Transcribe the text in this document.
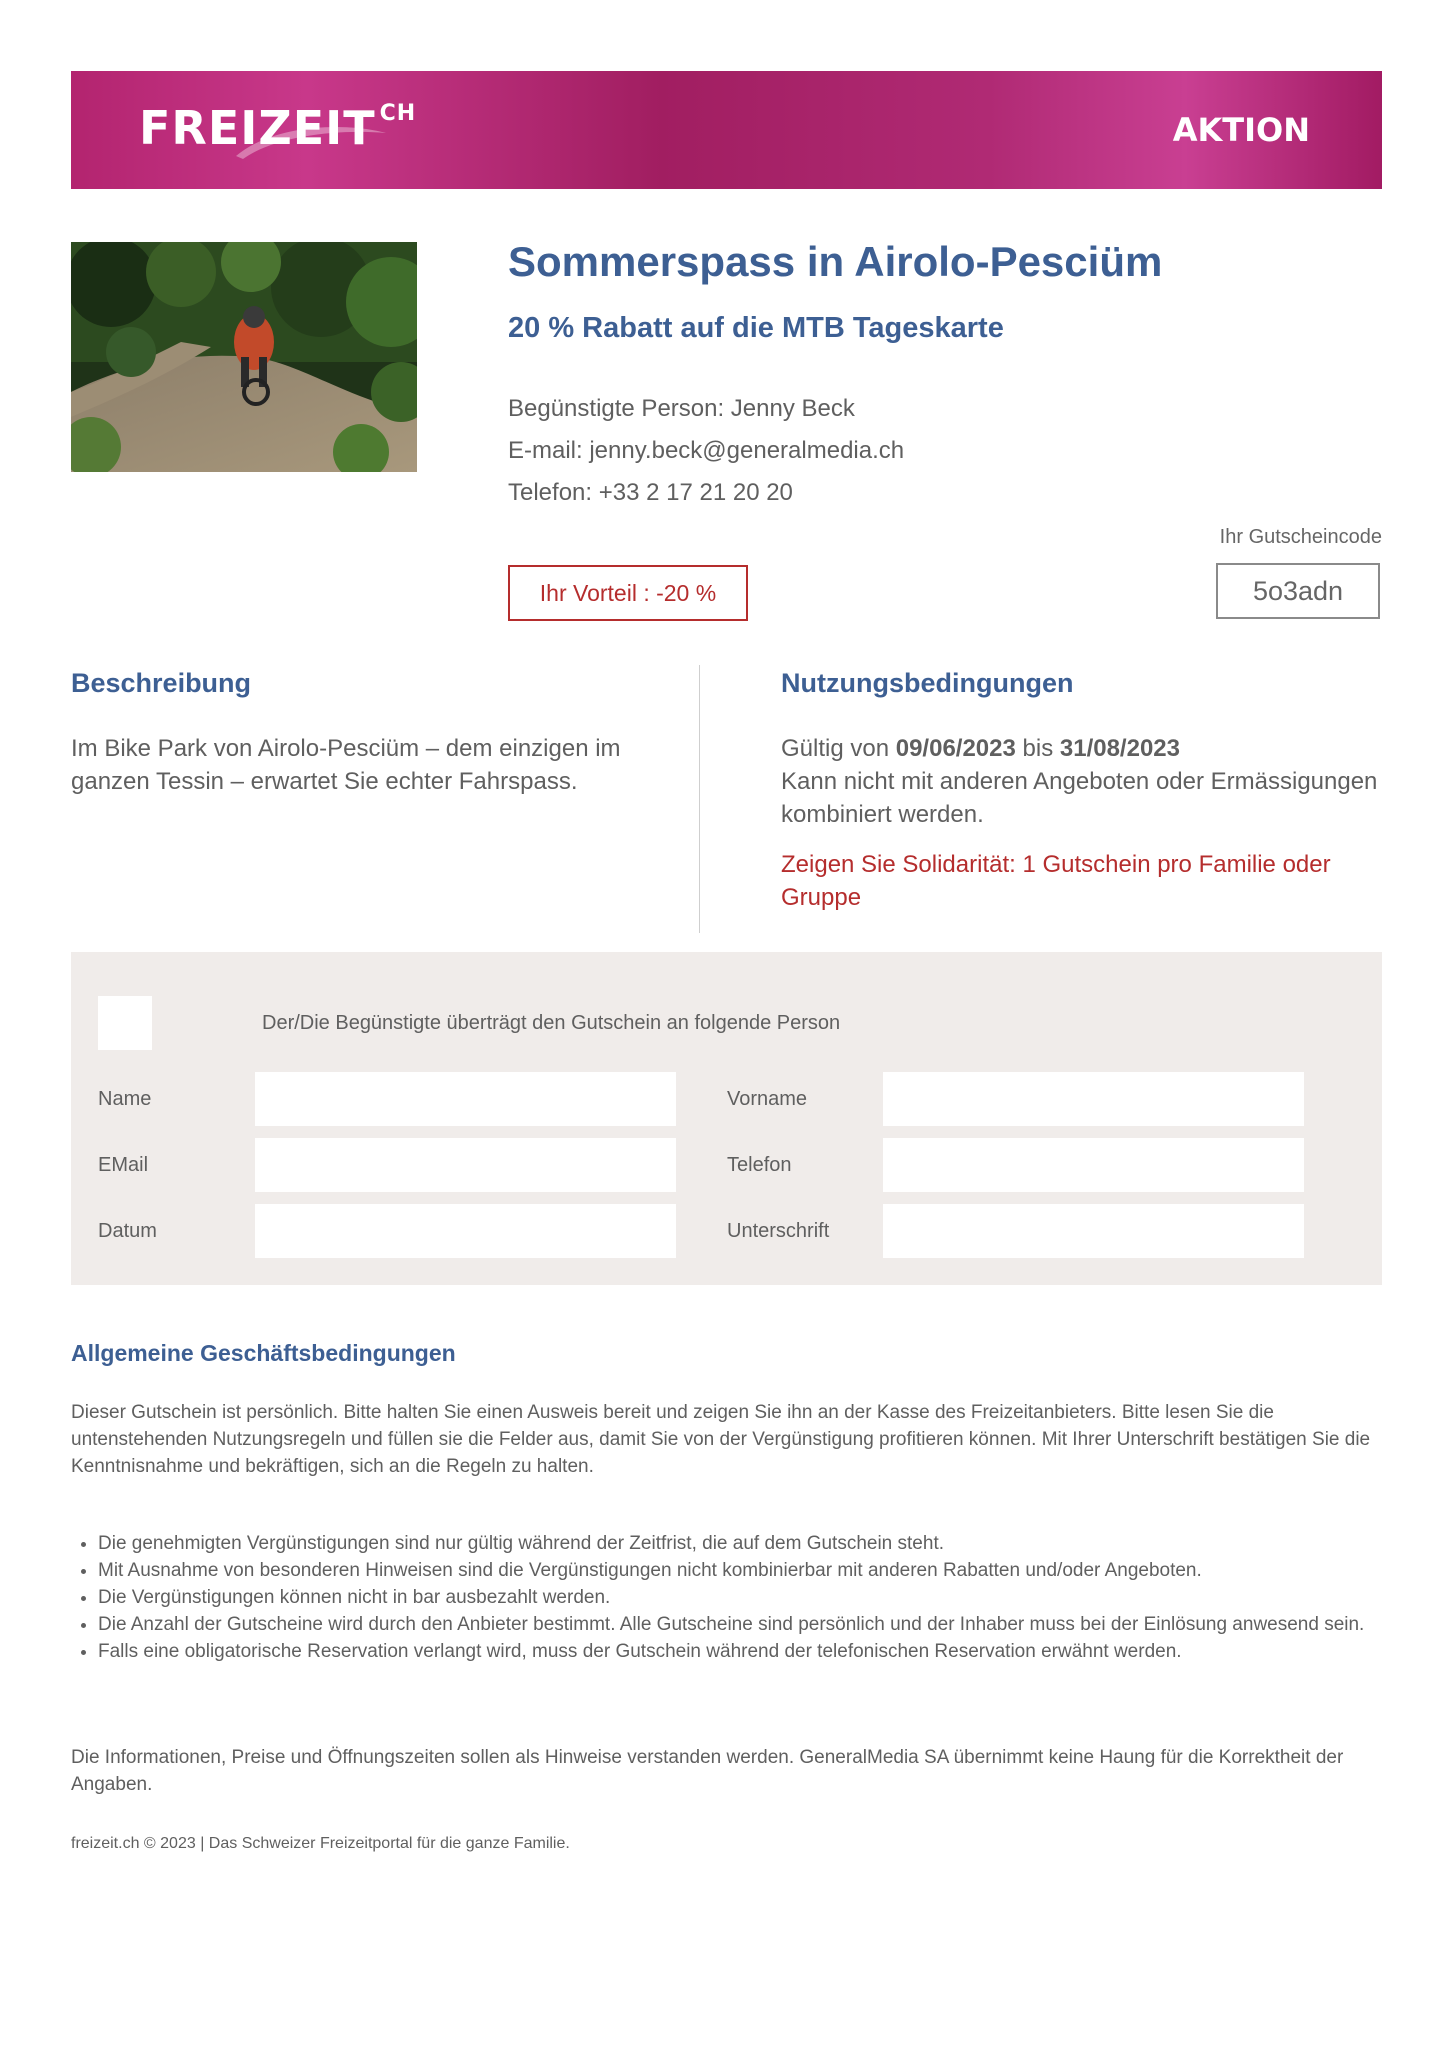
FREIZEIT $^{CH}$	AKTION
Sommerspass in Airolo-Pesciüm
20 % Rabatt auf die MTB Tageskarte
Begünstigte Person: Jenny Beck
E-mail: jenny.beck@generalmedia.ch
Telefon: +33 2 17 21 20 20
Ihr Gutscheincode
5o3adn
Ihr Vorteil : -20 %
Beschreibung
Im Bike Park von Airolo-Pesciüm – dem einzigen im ganzen Tessin – erwartet Sie echter Fahrspass.
Nutzungsbedingungen
Gültig von 09/06/2023 bis 31/08/2023
Kann nicht mit anderen Angeboten oder Ermässigungen kombiniert werden.
Zeigen Sie Solidarität: 1 Gutschein pro Familie oder Gruppe
Der/Die Begünstigte überträgt den Gutschein an folgende Person
Name	Vorname
EMail	Telefon
Datum	Unterschrift
Allgemeine Geschäftsbedingungen

Dieser Gutschein ist persönlich. Bitte halten Sie einen Ausweis bereit und zeigen Sie ihn an der Kasse des Freizeitanbieters. Bitte lesen Sie die untenstehenden Nutzungsregeln und füllen sie die Felder aus, damit Sie von der Vergünstigung profitieren können. Mit Ihrer Unterschrift bestätigen Sie die Kenntnisnahme und bekräftigen, sich an die Regeln zu halten.

• Die genehmigten Vergünstigungen sind nur gültig während der Zeitfrist, die auf dem Gutschein steht.
• Mit Ausnahme von besonderen Hinweisen sind die Vergünstigungen nicht kombinierbar mit anderen Rabatten und/oder Angeboten.
• Die Vergünstigungen können nicht in bar ausbezahlt werden.
• Die Anzahl der Gutscheine wird durch den Anbieter bestimmt. Alle Gutscheine sind persönlich und der Inhaber muss bei der Einlösung anwesend sein.
• Falls eine obligatorische Reservation verlangt wird, muss der Gutschein während der telefonischen Reservation erwähnt werden.

Die Informationen, Preise und Öffnungszeiten sollen als Hinweise verstanden werden. GeneralMedia SA übernimmt keine Haung für die Korrektheit der Angaben.

freizeit.ch © 2023 | Das Schweizer Freizeitportal für die ganze Familie.
